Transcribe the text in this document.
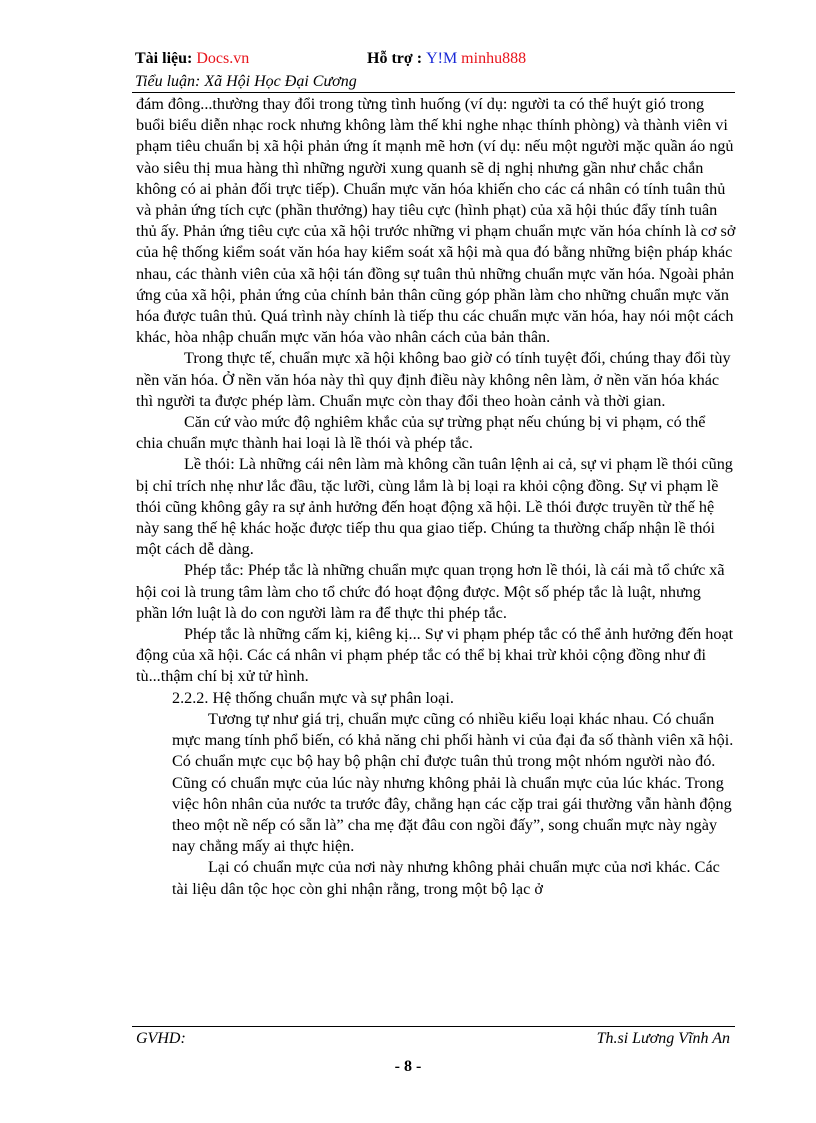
Tài liệu: Docs.vn	Hỗ trợ : Y!M minhu888
Tiểu luận: Xã Hội Học Đại Cương

đám đông...thường thay đổi trong từng tình huống (ví dụ: người ta có thể huýt gió trong buổi biểu diễn nhạc rock nhưng không làm thế khi nghe nhạc thính phòng) và thành viên vi phạm tiêu chuẩn bị xã hội phản ứng ít mạnh mẽ hơn (ví dụ: nếu một người mặc quần áo ngủ vào siêu thị mua hàng thì những người xung quanh sẽ dị nghị nhưng gần như chắc chắn không có ai phản đối trực tiếp). Chuẩn mực văn hóa khiến cho các cá nhân có tính tuân thủ và phản ứng tích cực (phần thưởng) hay tiêu cực (hình phạt) của xã hội thúc đẩy tính tuân thủ ấy. Phản ứng tiêu cực của xã hội trước những vi phạm chuẩn mực văn hóa chính là cơ sở của hệ thống kiểm soát văn hóa hay kiểm soát xã hội mà qua đó bằng những biện pháp khác nhau, các thành viên của xã hội tán đồng sự tuân thủ những chuẩn mực văn hóa. Ngoài phản ứng của xã hội, phản ứng của chính bản thân cũng góp phần làm cho những chuẩn mực văn hóa được tuân thủ. Quá trình này chính là tiếp thu các chuẩn mực văn hóa, hay nói một cách khác, hòa nhập chuẩn mực văn hóa vào nhân cách của bản thân.

Trong thực tế, chuẩn mực xã hội không bao giờ có tính tuyệt đối, chúng thay đổi tùy nền văn hóa. Ở nền văn hóa này thì quy định điều này không nên làm, ở nền văn hóa khác thì người ta được phép làm. Chuẩn mực còn thay đổi theo hoàn cảnh và thời gian.

Căn cứ vào mức độ nghiêm khắc của sự trừng phạt nếu chúng bị vi phạm, có thể chia chuẩn mực thành hai loại là lề thói và phép tắc.

Lề thói: Là những cái nên làm mà không cần tuân lệnh ai cả, sự vi phạm lề thói cũng bị chỉ trích nhẹ như lắc đầu, tặc lưỡi, cùng lắm là bị loại ra khỏi cộng đồng. Sự vi phạm lề thói cũng không gây ra sự ảnh hưởng đến hoạt động xã hội. Lề thói được truyền từ thế hệ này sang thế hệ khác hoặc được tiếp thu qua giao tiếp. Chúng ta thường chấp nhận lề thói một cách dễ dàng.

Phép tắc: Phép tắc là những chuẩn mực quan trọng hơn lề thói, là cái mà tổ chức xã hội coi là trung tâm làm cho tổ chức đó hoạt động được. Một số phép tắc là luật, nhưng phần lớn luật là do con người làm ra để thực thi phép tắc.

Phép tắc là những cấm kị, kiêng kị... Sự vi phạm phép tắc có thể ảnh hưởng đến hoạt động của xã hội. Các cá nhân vi phạm phép tắc có thể bị khai trừ khỏi cộng đồng như đi tù...thậm chí bị xử tử hình.

2.2.2. Hệ thống chuẩn mực và sự phân loại.

Tương tự như giá trị, chuẩn mực cũng có nhiều kiểu loại khác nhau. Có chuẩn mực mang tính phổ biến, có khả năng chi phối hành vi của đại đa số thành viên xã hội. Có chuẩn mực cục bộ hay bộ phận chỉ được tuân thủ trong một nhóm người nào đó. Cũng có chuẩn mực của lúc này nhưng không phải là chuẩn mực của lúc khác. Trong việc hôn nhân của nước ta trước đây, chẳng hạn các cặp trai gái thường vẫn hành động theo một nề nếp có sẵn là” cha mẹ đặt đâu con ngồi đấy”, song chuẩn mực này ngày nay chẳng mấy ai thực hiện.

Lại có chuẩn mực của nơi này nhưng không phải chuẩn mực của nơi khác. Các tài liệu dân tộc học còn ghi nhận rằng, trong một bộ lạc ở

GVHD:	Th.si Lương Vĩnh An
- 8 -
